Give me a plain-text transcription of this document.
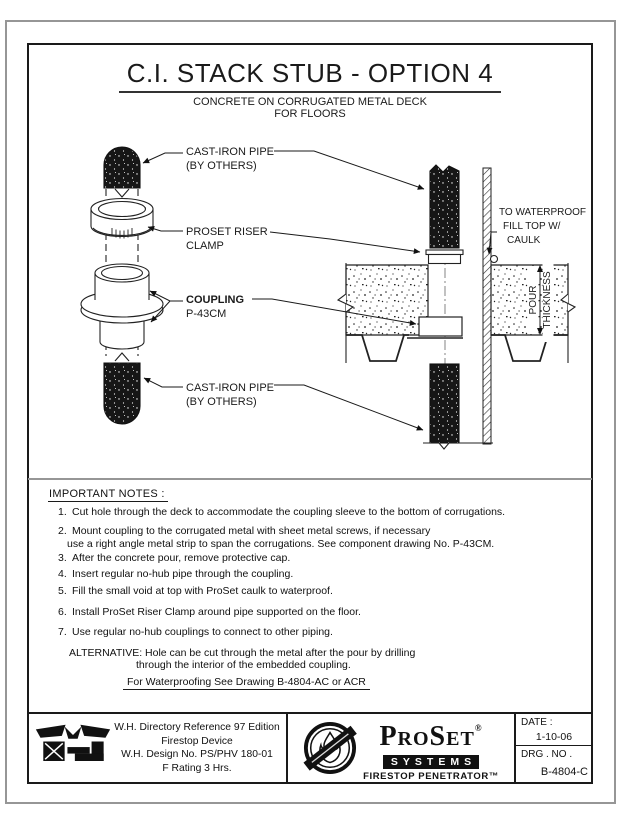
C.I. STACK STUB - OPTION 4
CONCRETE ON CORRUGATED METAL DECK
FOR FLOORS
CAST-IRON PIPE
(BY OTHERS)
PROSET RISER
CLAMP
COUPLING
P-43CM
CAST-IRON PIPE
(BY OTHERS)
TO WATERPROOF
FILL TOP W/
CAULK
POUR THICKNESS
IMPORTANT NOTES :
1. Cut hole through the deck to accommodate the coupling sleeve to the bottom of corrugations.
2. Mount coupling to the corrugated metal with sheet metal screws, if necessary
use a right angle metal strip to span the corrugations. See component drawing No. P-43CM.
3. After the concrete pour, remove protective cap.
4. Insert regular no-hub pipe through the coupling.
5. Fill the small void at top with ProSet caulk to waterproof.
6. Install ProSet Riser Clamp around pipe supported on the floor.
7. Use regular no-hub couplings to connect to other piping.
ALTERNATIVE: Hole can be cut through the metal after the pour by drilling
through the interior of the embedded coupling.
For Waterproofing See Drawing B-4804-AC or ACR
W.H. Directory Reference 97 Edition
Firestop Device
W.H. Design No. PS/PHV 180-01
F Rating 3 Hrs.
PROSET®
SYSTEMS
FIRESTOP PENETRATOR™
DATE :
1-10-06
DRG . NO .
B-4804-C
